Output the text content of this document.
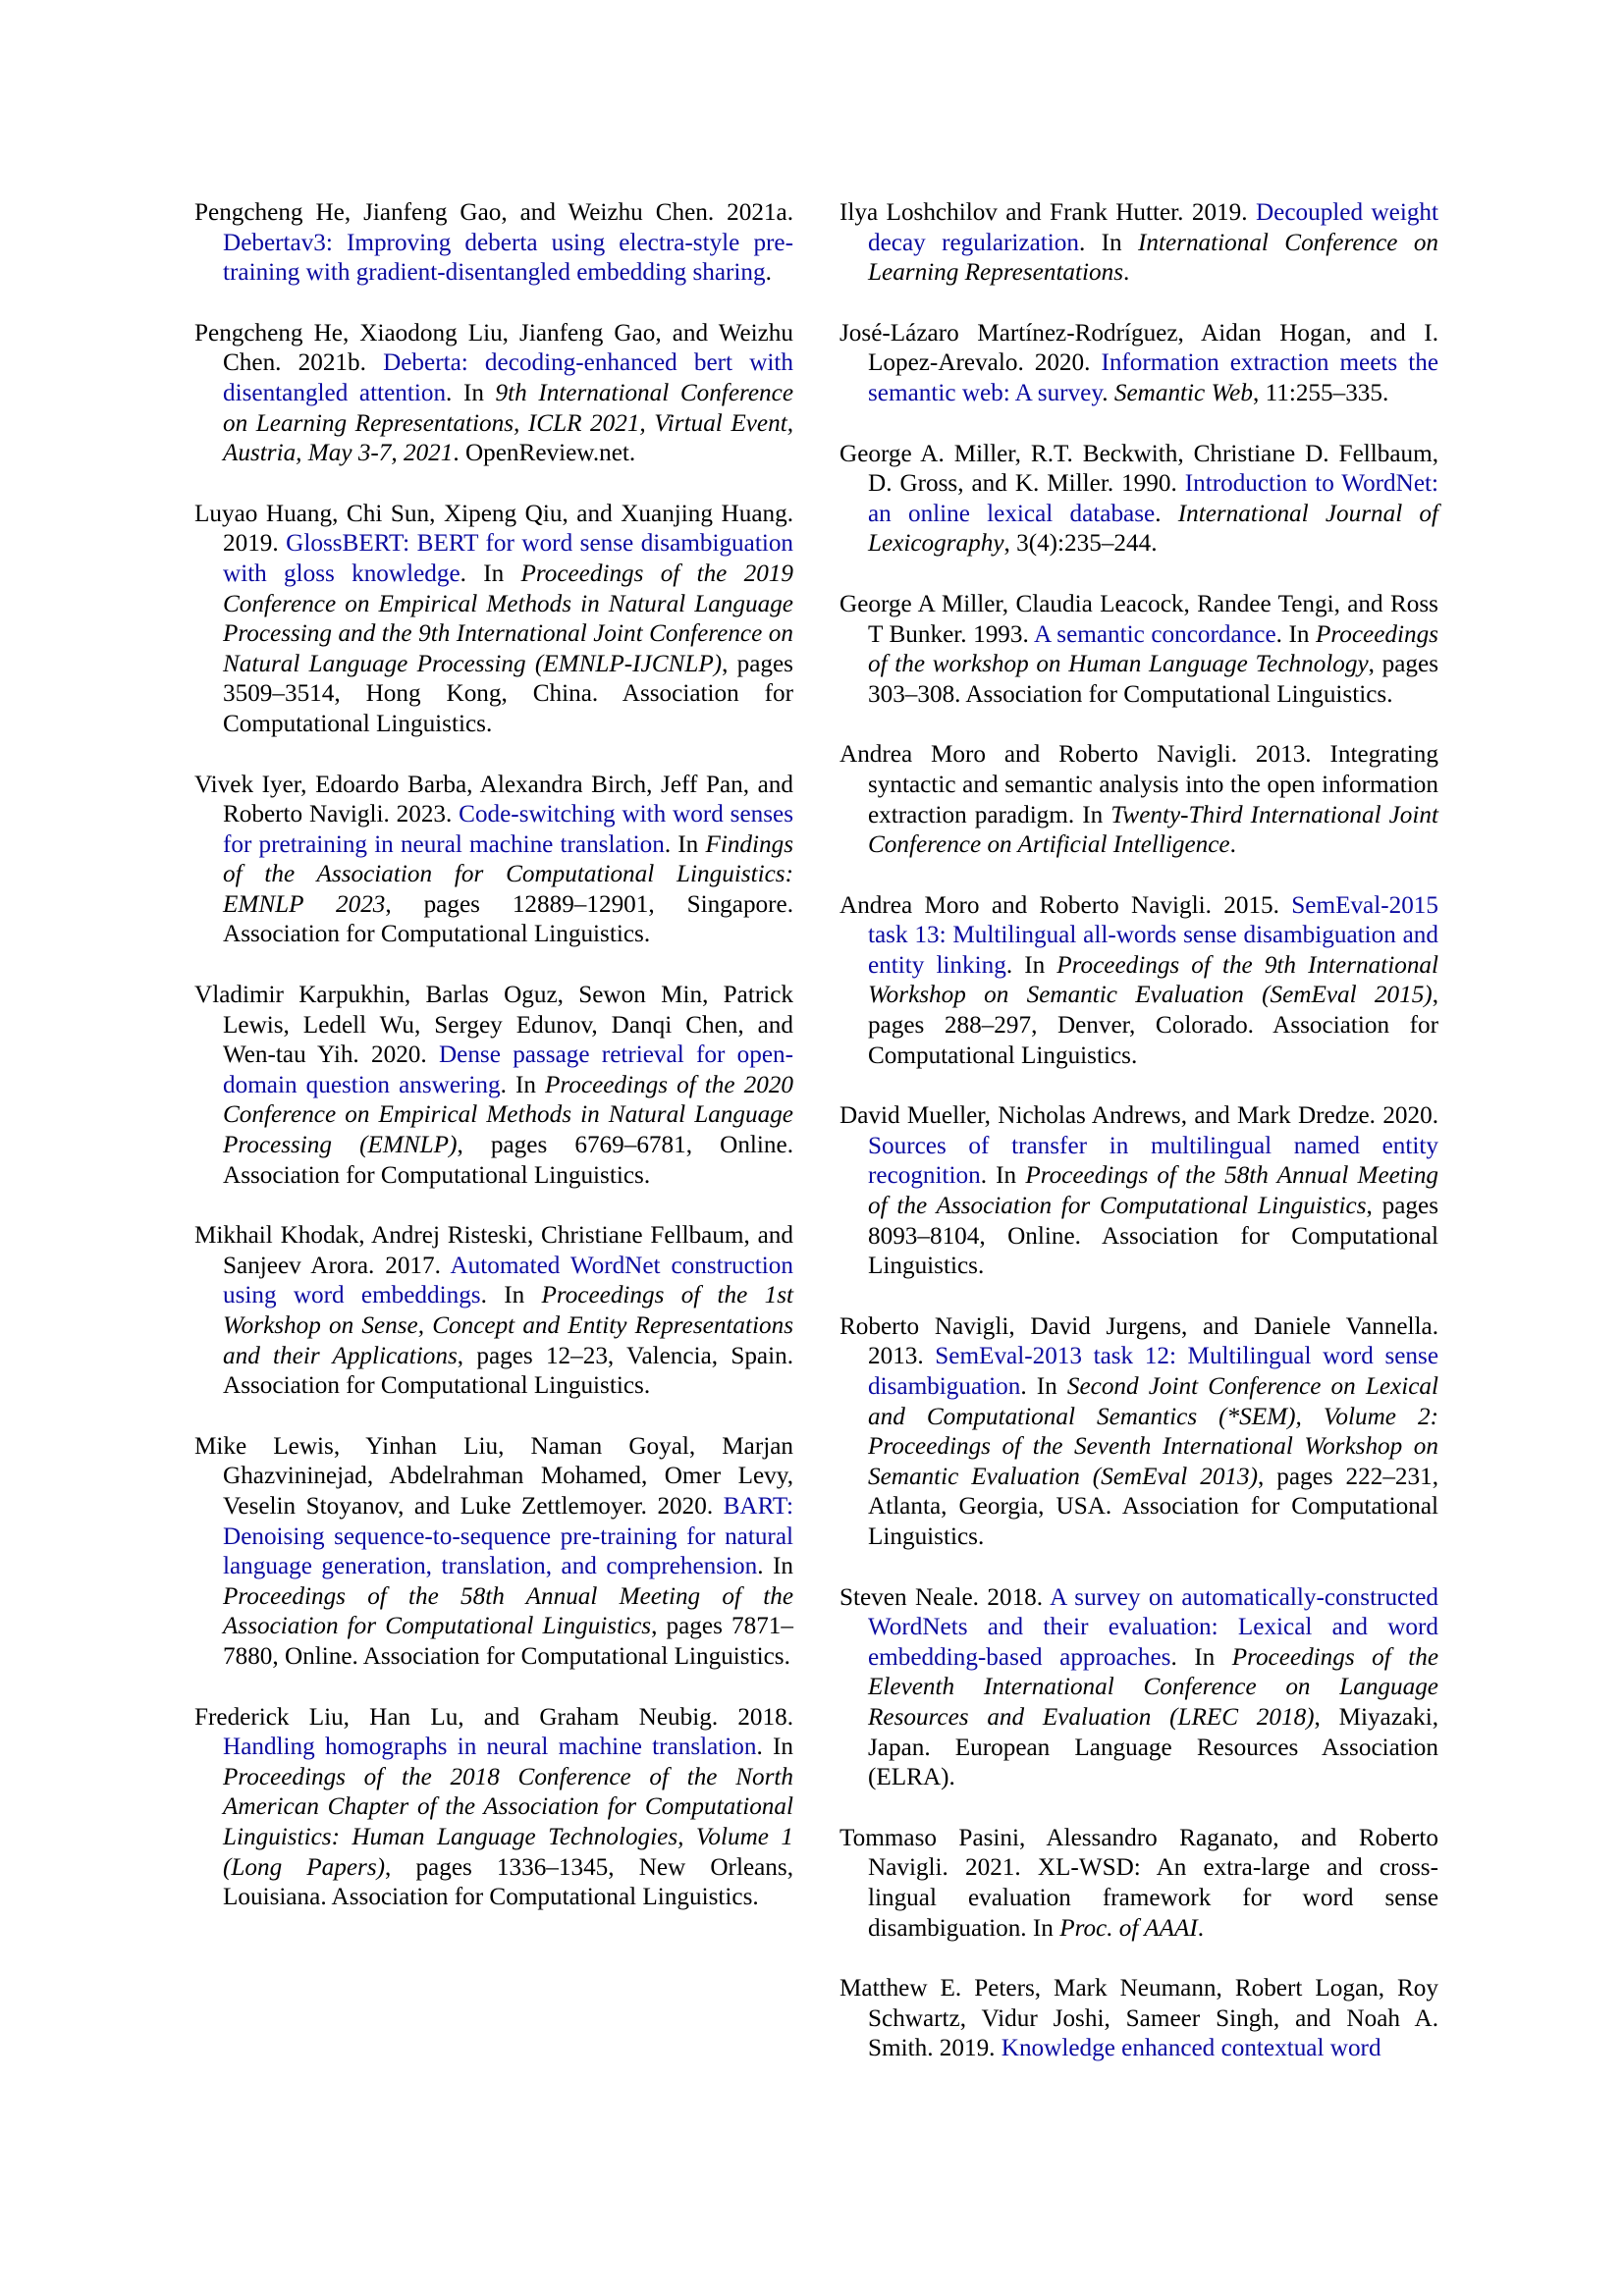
Pengcheng He, Jianfeng Gao, and Weizhu Chen. 2021a. Debertav3: Improving deberta using electra-style pre-training with gradient-disentangled embedding sharing.

Pengcheng He, Xiaodong Liu, Jianfeng Gao, and Weizhu Chen. 2021b. Deberta: decoding-enhanced bert with disentangled attention. In 9th International Conference on Learning Representations, ICLR 2021, Virtual Event, Austria, May 3-7, 2021. OpenReview.net.

Luyao Huang, Chi Sun, Xipeng Qiu, and Xuanjing Huang. 2019. GlossBERT: BERT for word sense disambiguation with gloss knowledge. In Proceedings of the 2019 Conference on Empirical Methods in Natural Language Processing and the 9th International Joint Conference on Natural Language Processing (EMNLP-IJCNLP), pages 3509–3514, Hong Kong, China. Association for Computational Linguistics.

Vivek Iyer, Edoardo Barba, Alexandra Birch, Jeff Pan, and Roberto Navigli. 2023. Code-switching with word senses for pretraining in neural machine translation. In Findings of the Association for Computational Linguistics: EMNLP 2023, pages 12889–12901, Singapore. Association for Computational Linguistics.

Vladimir Karpukhin, Barlas Oguz, Sewon Min, Patrick Lewis, Ledell Wu, Sergey Edunov, Danqi Chen, and Wen-tau Yih. 2020. Dense passage retrieval for open-domain question answering. In Proceedings of the 2020 Conference on Empirical Methods in Natural Language Processing (EMNLP), pages 6769–6781, Online. Association for Computational Linguistics.

Mikhail Khodak, Andrej Risteski, Christiane Fellbaum, and Sanjeev Arora. 2017. Automated WordNet construction using word embeddings. In Proceedings of the 1st Workshop on Sense, Concept and Entity Representations and their Applications, pages 12–23, Valencia, Spain. Association for Computational Linguistics.

Mike Lewis, Yinhan Liu, Naman Goyal, Marjan Ghazvininejad, Abdelrahman Mohamed, Omer Levy, Veselin Stoyanov, and Luke Zettlemoyer. 2020. BART: Denoising sequence-to-sequence pre-training for natural language generation, translation, and comprehension. In Proceedings of the 58th Annual Meeting of the Association for Computational Linguistics, pages 7871–7880, Online. Association for Computational Linguistics.

Frederick Liu, Han Lu, and Graham Neubig. 2018. Handling homographs in neural machine translation. In Proceedings of the 2018 Conference of the North American Chapter of the Association for Computational Linguistics: Human Language Technologies, Volume 1 (Long Papers), pages 1336–1345, New Orleans, Louisiana. Association for Computational Linguistics.

Ilya Loshchilov and Frank Hutter. 2019. Decoupled weight decay regularization. In International Conference on Learning Representations.

José-Lázaro Martínez-Rodríguez, Aidan Hogan, and I. Lopez-Arevalo. 2020. Information extraction meets the semantic web: A survey. Semantic Web, 11:255–335.

George A. Miller, R.T. Beckwith, Christiane D. Fellbaum, D. Gross, and K. Miller. 1990. Introduction to WordNet: an online lexical database. International Journal of Lexicography, 3(4):235–244.

George A Miller, Claudia Leacock, Randee Tengi, and Ross T Bunker. 1993. A semantic concordance. In Proceedings of the workshop on Human Language Technology, pages 303–308. Association for Computational Linguistics.

Andrea Moro and Roberto Navigli. 2013. Integrating syntactic and semantic analysis into the open information extraction paradigm. In Twenty-Third International Joint Conference on Artificial Intelligence.

Andrea Moro and Roberto Navigli. 2015. SemEval-2015 task 13: Multilingual all-words sense disambiguation and entity linking. In Proceedings of the 9th International Workshop on Semantic Evaluation (SemEval 2015), pages 288–297, Denver, Colorado. Association for Computational Linguistics.

David Mueller, Nicholas Andrews, and Mark Dredze. 2020. Sources of transfer in multilingual named entity recognition. In Proceedings of the 58th Annual Meeting of the Association for Computational Linguistics, pages 8093–8104, Online. Association for Computational Linguistics.

Roberto Navigli, David Jurgens, and Daniele Vannella. 2013. SemEval-2013 task 12: Multilingual word sense disambiguation. In Second Joint Conference on Lexical and Computational Semantics (*SEM), Volume 2: Proceedings of the Seventh International Workshop on Semantic Evaluation (SemEval 2013), pages 222–231, Atlanta, Georgia, USA. Association for Computational Linguistics.

Steven Neale. 2018. A survey on automatically-constructed WordNets and their evaluation: Lexical and word embedding-based approaches. In Proceedings of the Eleventh International Conference on Language Resources and Evaluation (LREC 2018), Miyazaki, Japan. European Language Resources Association (ELRA).

Tommaso Pasini, Alessandro Raganato, and Roberto Navigli. 2021. XL-WSD: An extra-large and cross-lingual evaluation framework for word sense disambiguation. In Proc. of AAAI.

Matthew E. Peters, Mark Neumann, Robert Logan, Roy Schwartz, Vidur Joshi, Sameer Singh, and Noah A. Smith. 2019. Knowledge enhanced contextual word
